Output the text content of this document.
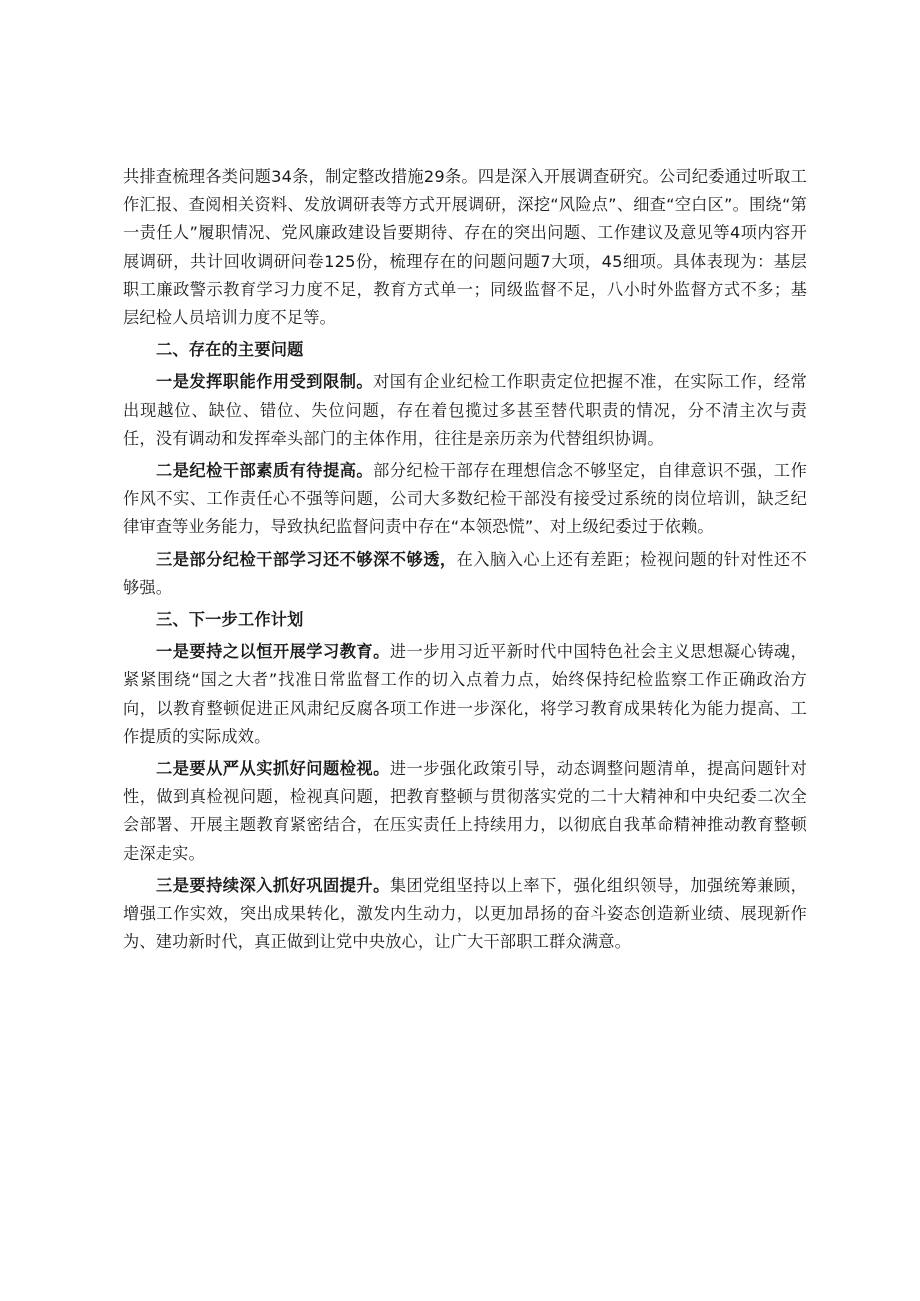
共排查梳理各类问题34条，制定整改措施29条。四是深入开展调查研究。公司纪委通过听取工作汇报、查阅相关资料、发放调研表等方式开展调研，深挖“风险点”、细查“空白区”。围绕“第一责任人”履职情况、党风廉政建设旨要期待、存在的突出问题、工作建议及意见等4项内容开展调研，共计回收调研问卷125份，梳理存在的问题问题7大项，45细项。具体表现为：基层职工廉政警示教育学习力度不足，教育方式单一；同级监督不足，八小时外监督方式不多；基层纪检人员培训力度不足等。

二、存在的主要问题

一是发挥职能作用受到限制。对国有企业纪检工作职责定位把握不准，在实际工作，经常出现越位、缺位、错位、失位问题，存在着包揽过多甚至替代职责的情况，分不清主次与责任，没有调动和发挥牵头部门的主体作用，往往是亲历亲为代替组织协调。

二是纪检干部素质有待提高。部分纪检干部存在理想信念不够坚定，自律意识不强，工作作风不实、工作责任心不强等问题，公司大多数纪检干部没有接受过系统的岗位培训，缺乏纪律审查等业务能力，导致执纪监督问责中存在“本领恐慌”、对上级纪委过于依赖。

三是部分纪检干部学习还不够深不够透，在入脑入心上还有差距；检视问题的针对性还不够强。

三、下一步工作计划

一是要持之以恒开展学习教育。进一步用习近平新时代中国特色社会主义思想凝心铸魂，紧紧围绕“国之大者”找准日常监督工作的切入点着力点，始终保持纪检监察工作正确政治方向，以教育整顿促进正风肃纪反腐各项工作进一步深化，将学习教育成果转化为能力提高、工作提质的实际成效。

二是要从严从实抓好问题检视。进一步强化政策引导，动态调整问题清单，提高问题针对性，做到真检视问题，检视真问题，把教育整顿与贯彻落实党的二十大精神和中央纪委二次全会部署、开展主题教育紧密结合，在压实责任上持续用力，以彻底自我革命精神推动教育整顿走深走实。

三是要持续深入抓好巩固提升。集团党组坚持以上率下，强化组织领导，加强统筹兼顾，增强工作实效，突出成果转化，激发内生动力，以更加昂扬的奋斗姿态创造新业绩、展现新作为、建功新时代，真正做到让党中央放心，让广大干部职工群众满意。
